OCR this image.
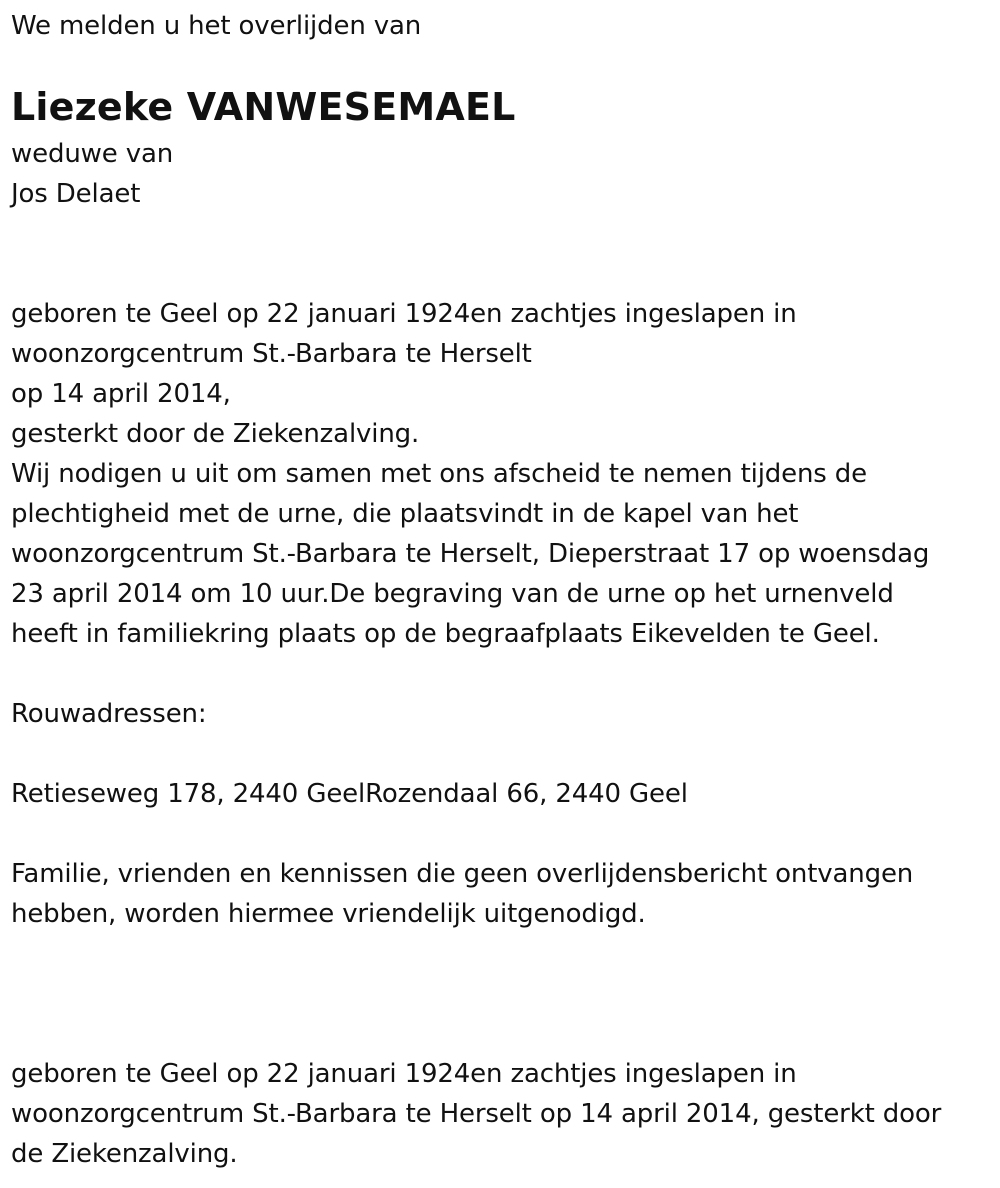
We melden u het overlijden van
Liezeke VANWESEMAEL
weduwe van
Jos Delaet
geboren te Geel op 22 januari 1924en zachtjes ingeslapen in
woonzorgcentrum St.-Barbara te Herselt
op 14 april 2014,
gesterkt door de Ziekenzalving.
Wij nodigen u uit om samen met ons afscheid te nemen tijdens de
plechtigheid met de urne, die plaatsvindt in de kapel van het
woonzorgcentrum St.-Barbara te Herselt, Dieperstraat 17 op woensdag
23 april 2014 om 10 uur.De begraving van de urne op het urnenveld
heeft in familiekring plaats op de begraafplaats Eikevelden te Geel.
Rouwadressen:
Retieseweg 178, 2440 GeelRozendaal 66, 2440 Geel
Familie, vrienden en kennissen die geen overlijdensbericht ontvangen
hebben, worden hiermee vriendelijk uitgenodigd.
geboren te Geel op 22 januari 1924en zachtjes ingeslapen in
woonzorgcentrum St.-Barbara te Herselt op 14 april 2014, gesterkt door
de Ziekenzalving.
